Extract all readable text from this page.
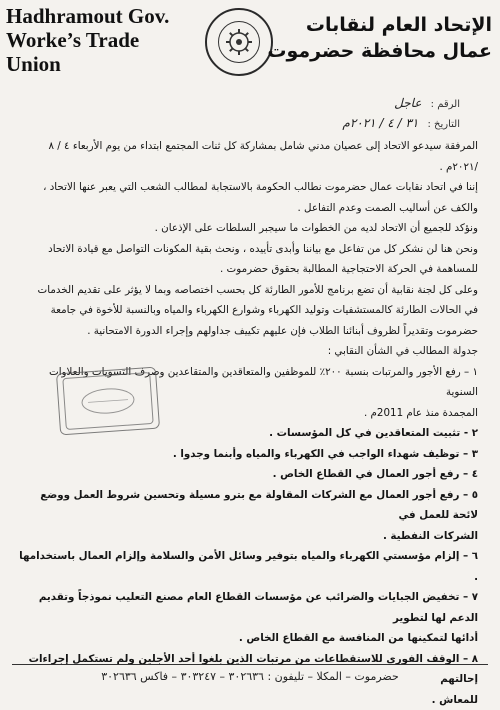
Hadhramout Gov.
Worke’s Trade Union
الإتحاد العام لنقابات
عمال محافظة حضرموت
الرقم : عاجل
التاريخ : ٣١ / ٤ / ٢٠٢١م

المرفقة سيدعو الاتحاد إلى عصيان مدني شامل بمشاركة كل ثنات المجتمع ابتداء من يوم الأربعاء ٤ / ٨

/٢٠٢١م .

إننا في اتحاد نقابات عمال حضرموت نطالب الحكومة بالاستجابة لمطالب الشعب التي يعبر عنها الاتحاد ،

والكف عن أساليب الصمت وعدم التفاعل .

ونؤكد للجميع أن الاتحاد لديه من الخطوات ما سيجبر السلطات على الإذعان .

ونحن هنا لن نشكر كل من تفاعل مع بياننا وأبدى تأييده ، ونحث بقية المكونات التواصل مع قيادة الاتحاد

للمساهمة في الحركة الاحتجاجية المطالبة بحقوق حضرموت .

وعلى كل لجنة نقابية أن تضع برنامج للأمور الطارئة كل بحسب اختصاصه وبما لا يؤثر على تقديم الخدمات

في الحالات الطارئة كالمستشفيات وتوليد الكهرباء وشوارع الكهرباء والمياه وبالنسبة للأخوة في جامعة

حضرموت وتقديراً لظروف أبنائنا الطلاب فإن عليهم تكييف جداولهم وإجراء الدورة الامتحانية .

جدولة المطالب في الشأن النقابي :

١ – رفع الأجور والمرتبات بنسبة ٢٠٠٪ للموظفين والمتعاقدين والمتقاعدين وصرف التسويات والعلاوات السنوية

المجمدة منذ عام 2011م .

٢ - تثبيت المتعاقدين في كل المؤسسات .

٣ – توظيف شهداء الواجب في الكهرباء والمياه وأبنما وجدوا .

٤ – رفع أجور العمال في القطاع الخاص .

٥ – رفع أجور العمال مع الشركات المقاولة مع بترو مسيلة وتحسين شروط العمل ووضع لائحة للعمل في

الشركات النفطية .

٦ – إلزام مؤسستي الكهرباء والمياه بتوفير وسائل الأمن والسلامة وإلزام العمال باستخدامها .

٧ – تخفيض الجبايات والضرائب عن مؤسسات القطاع العام مصنع التعليب نموذجاً وتقديم الدعم لها لتطوير

أدائها لتمكينها من المنافسة مع القطاع الخاص .

٨ – الوقف الفوري للاستقطاعات من مرتبات الذين بلغوا أحد الأجلين ولم تستكمل إجراءات إحالتهم

للمعاش .

حضرموت – المكلا – تليفون : ٣٠٢٦٣٦ – ٣٠٣٢٤٧ – فاكس ٣٠٢٦٣٦
